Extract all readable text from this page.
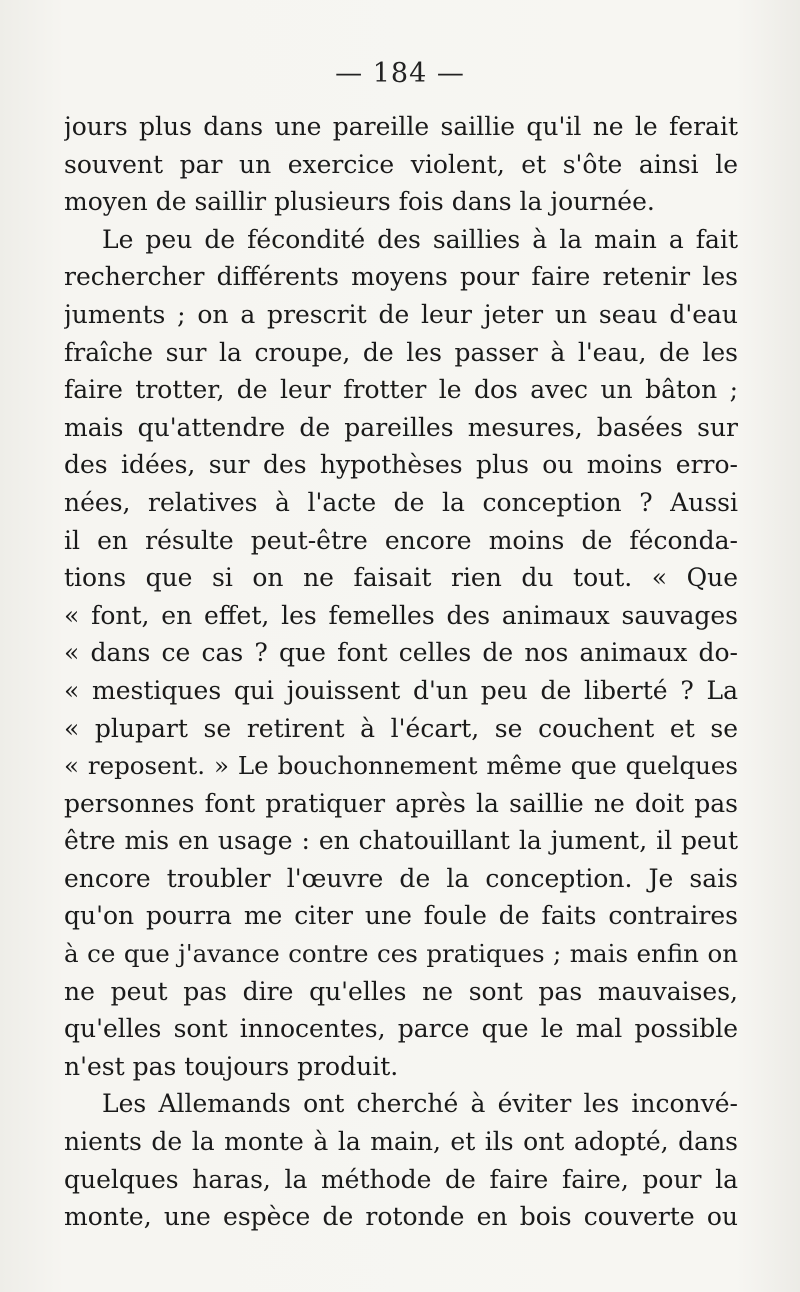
— 184 —
jours plus dans une pareille saillie qu'il ne le ferait
souvent par un exercice violent, et s'ôte ainsi le
moyen de saillir plusieurs fois dans la journée.
Le peu de fécondité des saillies à la main a fait
rechercher différents moyens pour faire retenir les
juments ; on a prescrit de leur jeter un seau d'eau
fraîche sur la croupe, de les passer à l'eau, de les
faire trotter, de leur frotter le dos avec un bâton ;
mais qu'attendre de pareilles mesures, basées sur
des idées, sur des hypothèses plus ou moins erro-
nées, relatives à l'acte de la conception ? Aussi
il en résulte peut-être encore moins de féconda-
tions que si on ne faisait rien du tout. « Que
« font, en effet, les femelles des animaux sauvages
« dans ce cas ? que font celles de nos animaux do-
« mestiques qui jouissent d'un peu de liberté ? La
« plupart se retirent à l'écart, se couchent et se
« reposent. » Le bouchonnement même que quelques
personnes font pratiquer après la saillie ne doit pas
être mis en usage : en chatouillant la jument, il peut
encore troubler l'œuvre de la conception. Je sais
qu'on pourra me citer une foule de faits contraires
à ce que j'avance contre ces pratiques ; mais enfin on
ne peut pas dire qu'elles ne sont pas mauvaises,
qu'elles sont innocentes, parce que le mal possible
n'est pas toujours produit.
Les Allemands ont cherché à éviter les inconvé-
nients de la monte à la main, et ils ont adopté, dans
quelques haras, la méthode de faire faire, pour la
monte, une espèce de rotonde en bois couverte ou
